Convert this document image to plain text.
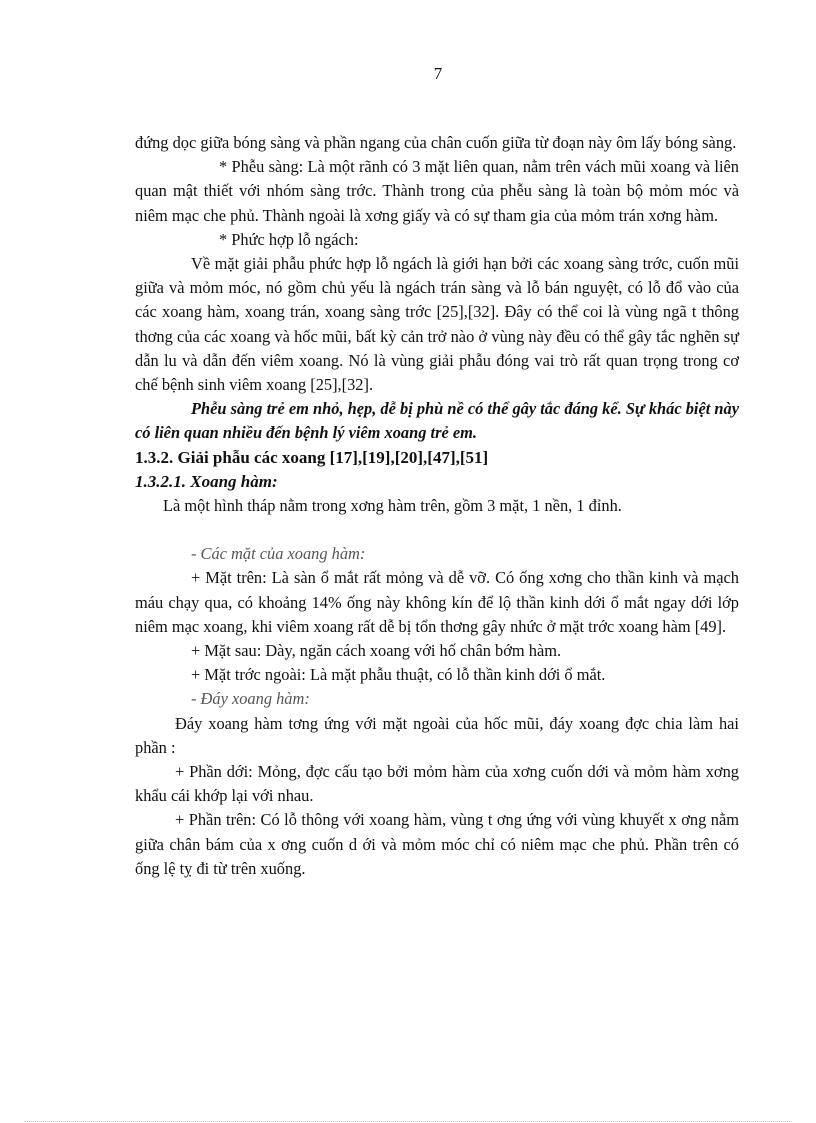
7

đứng dọc giữa bóng sàng và phần ngang của chân cuốn giữa từ đoạn này ôm lấy bóng sàng.

* Phễu sàng: Là một rãnh có 3 mặt liên quan, nằm trên vách mũi xoang và liên quan mật thiết với nhóm sàng trớc. Thành trong của phễu sàng là toàn bộ mỏm móc và niêm mạc che phủ. Thành ngoài là xơng giấy và có sự tham gia của mỏm trán xơng hàm.

* Phức hợp lỗ ngách:

Về mặt giải phẫu phức hợp lỗ ngách là giới hạn bởi các xoang sàng trớc, cuốn mũi giữa và mỏm móc, nó gồm chủ yếu là ngách trán sàng và lỗ bán nguyệt, có lỗ đổ vào của các xoang hàm, xoang trán, xoang sàng trớc [25],[32]. Đây có thể coi là vùng ngã t thông thơng của các xoang và hốc mũi, bất kỳ cản trở nào ở vùng này đều có thể gây tắc nghẽn sự dẫn lu và dẫn đến viêm xoang. Nó là vùng giải phẫu đóng vai trò rất quan trọng trong cơ chế bệnh sinh viêm xoang [25],[32].

Phễu sàng trẻ em nhỏ, hẹp, dễ bị phù nề có thể gây tắc đáng kể. Sự khác biệt này có liên quan nhiều đến bệnh lý viêm xoang trẻ em.

1.3.2. Giải phẫu các xoang [17],[19],[20],[47],[51]

1.3.2.1. Xoang hàm:

Là một hình tháp nằm trong xơng hàm trên, gồm 3 mặt, 1 nền, 1 đỉnh.

- Các mặt của xoang hàm:

+ Mặt trên: Là sàn ổ mắt rất mỏng và dễ vỡ. Có ống xơng cho thần kinh và mạch máu chạy qua, có khoảng 14% ống này không kín để lộ thần kinh dới ổ mắt ngay dới lớp niêm mạc xoang, khi viêm xoang rất dễ bị tổn thơng gây nhức ở mặt trớc xoang hàm [49].

+ Mặt sau: Dày, ngăn cách xoang với hố chân bớm hàm.

+ Mặt trớc ngoài: Là mặt phẫu thuật, có lỗ thần kinh dới ổ mắt.

- Đáy xoang hàm:

Đáy xoang hàm tơng ứng với mặt ngoài của hốc mũi, đáy xoang đợc chia làm hai phần :

+ Phần dới: Mỏng, đợc cấu tạo bởi mỏm hàm của xơng cuốn dới và mỏm hàm xơng khẩu cái khớp lại với nhau.

+ Phần trên: Có lỗ thông với xoang hàm, vùng t ơng ứng với vùng khuyết x ơng nằm giữa chân bám của x ơng cuốn d ới và mỏm móc chỉ có niêm mạc che phủ. Phần trên có ống lệ tỵ đi từ trên xuống.
